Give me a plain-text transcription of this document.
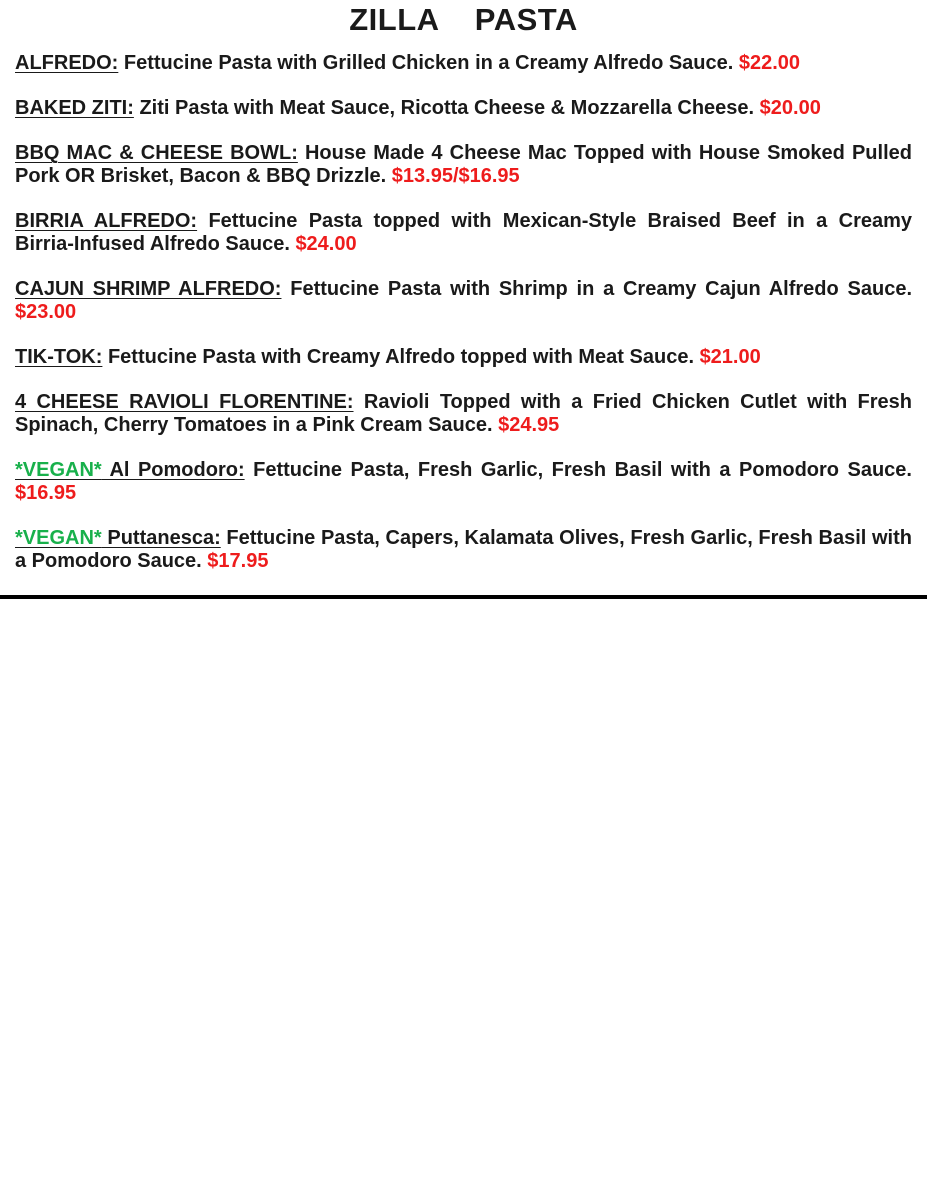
ZILLA    PASTA

ALFREDO: Fettucine Pasta with Grilled Chicken in a Creamy Alfredo Sauce. $22.00

BAKED ZITI: Ziti Pasta with Meat Sauce, Ricotta Cheese & Mozzarella Cheese. $20.00

BBQ MAC & CHEESE BOWL: House Made 4 Cheese Mac Topped with House Smoked Pulled Pork OR Brisket, Bacon & BBQ Drizzle. $13.95/$16.95

BIRRIA ALFREDO: Fettucine Pasta topped with Mexican-Style Braised Beef in a Creamy Birria-Infused Alfredo Sauce. $24.00

CAJUN SHRIMP ALFREDO: Fettucine Pasta with Shrimp in a Creamy Cajun Alfredo Sauce. $23.00

TIK-TOK: Fettucine Pasta with Creamy Alfredo topped with Meat Sauce. $21.00

4 CHEESE RAVIOLI FLORENTINE: Ravioli Topped with a Fried Chicken Cutlet with Fresh Spinach, Cherry Tomatoes in a Pink Cream Sauce. $24.95

*VEGAN* Al Pomodoro: Fettucine Pasta, Fresh Garlic, Fresh Basil with a Pomodoro Sauce. $16.95

*VEGAN* Puttanesca: Fettucine Pasta, Capers, Kalamata Olives, Fresh Garlic, Fresh Basil with a Pomodoro Sauce. $17.95
